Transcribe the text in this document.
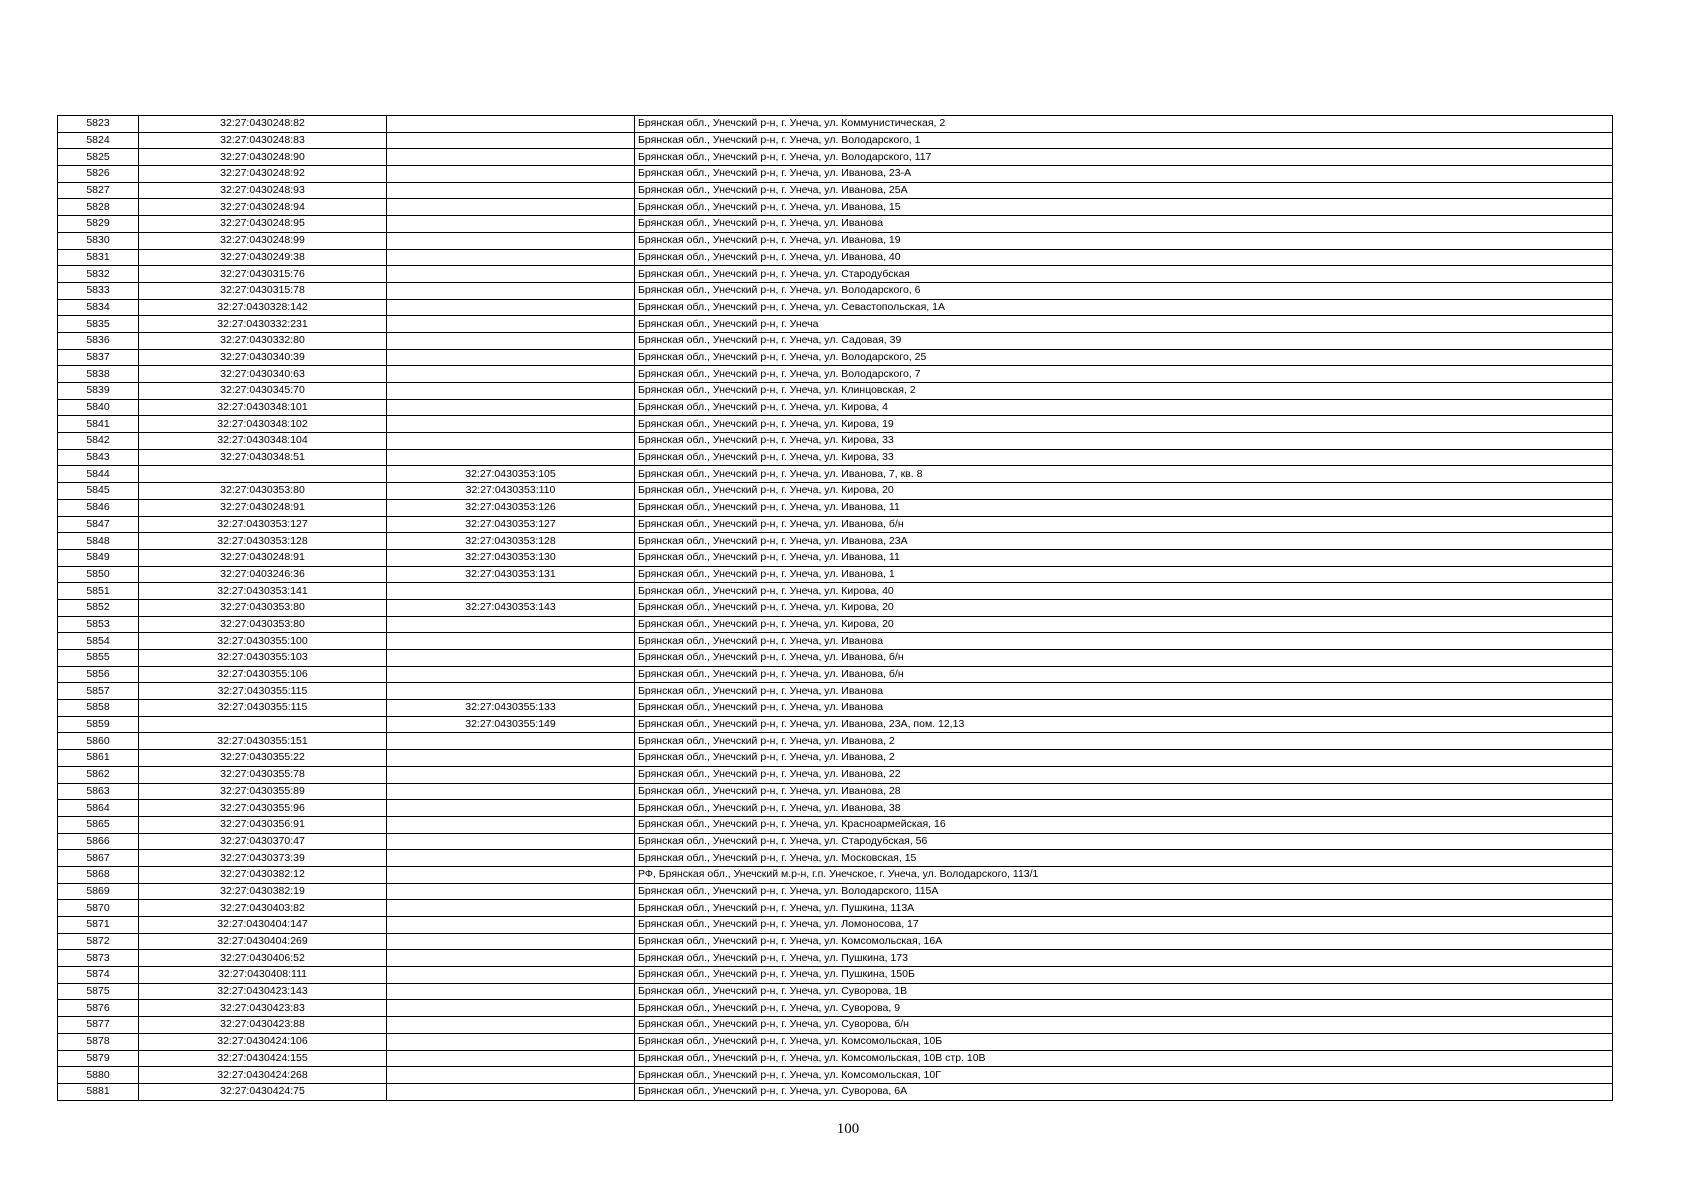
5823	32:27:0430248:82		Брянская обл., Унечский р-н, г. Унеча, ул. Коммунистическая, 2
5824	32:27:0430248:83		Брянская обл., Унечский р-н, г. Унеча, ул. Володарского, 1
5825	32:27:0430248:90		Брянская обл., Унечский р-н, г. Унеча, ул. Володарского, 117
5826	32:27:0430248:92		Брянская обл., Унечский р-н, г. Унеча, ул. Иванова, 23-А
5827	32:27:0430248:93		Брянская обл., Унечский р-н, г. Унеча, ул. Иванова, 25А
5828	32:27:0430248:94		Брянская обл., Унечский р-н, г. Унеча, ул. Иванова, 15
5829	32:27:0430248:95		Брянская обл., Унечский р-н, г. Унеча, ул. Иванова
5830	32:27:0430248:99		Брянская обл., Унечский р-н, г. Унеча, ул. Иванова, 19
5831	32:27:0430249:38		Брянская обл., Унечский р-н, г. Унеча, ул. Иванова, 40
5832	32:27:0430315:76		Брянская обл., Унечский р-н, г. Унеча, ул. Стародубская
5833	32:27:0430315:78		Брянская обл., Унечский р-н, г. Унеча, ул. Володарского, 6
5834	32:27:0430328:142		Брянская обл., Унечский р-н, г. Унеча, ул. Севастопольская, 1А
5835	32:27:0430332:231		Брянская обл., Унечский р-н, г. Унеча
5836	32:27:0430332:80		Брянская обл., Унечский р-н, г. Унеча, ул. Садовая, 39
5837	32:27:0430340:39		Брянская обл., Унечский р-н, г. Унеча, ул. Володарского, 25
5838	32:27:0430340:63		Брянская обл., Унечский р-н, г. Унеча, ул. Володарского, 7
5839	32:27:0430345:70		Брянская обл., Унечский р-н, г. Унеча, ул. Клинцовская, 2
5840	32:27:0430348:101		Брянская обл., Унечский р-н, г. Унеча, ул. Кирова, 4
5841	32:27:0430348:102		Брянская обл., Унечский р-н, г. Унеча, ул. Кирова, 19
5842	32:27:0430348:104		Брянская обл., Унечский р-н, г. Унеча, ул. Кирова, 33
5843	32:27:0430348:51		Брянская обл., Унечский р-н, г. Унеча, ул. Кирова, 33
5844		32:27:0430353:105	Брянская обл., Унечский р-н, г. Унеча, ул. Иванова, 7, кв. 8
5845	32:27:0430353:80	32:27:0430353:110	Брянская обл., Унечский р-н, г. Унеча, ул. Кирова, 20
5846	32:27:0430248:91	32:27:0430353:126	Брянская обл., Унечский р-н, г. Унеча, ул. Иванова, 11
5847	32:27:0430353:127	32:27:0430353:127	Брянская обл., Унечский р-н, г. Унеча, ул. Иванова, б/н
5848	32:27:0430353:128	32:27:0430353:128	Брянская обл., Унечский р-н, г. Унеча, ул. Иванова, 23А
5849	32:27:0430248:91	32:27:0430353:130	Брянская обл., Унечский р-н, г. Унеча, ул. Иванова, 11
5850	32:27:0403246:36	32:27:0430353:131	Брянская обл., Унечский р-н, г. Унеча, ул. Иванова, 1
5851	32:27:0430353:141		Брянская обл., Унечский р-н, г. Унеча, ул. Кирова, 40
5852	32:27:0430353:80	32:27:0430353:143	Брянская обл., Унечский р-н, г. Унеча, ул. Кирова, 20
5853	32:27:0430353:80		Брянская обл., Унечский р-н, г. Унеча, ул. Кирова, 20
5854	32:27:0430355:100		Брянская обл., Унечский р-н, г. Унеча, ул. Иванова
5855	32:27:0430355:103		Брянская обл., Унечский р-н, г. Унеча, ул. Иванова, б/н
5856	32:27:0430355:106		Брянская обл., Унечский р-н, г. Унеча, ул. Иванова, б/н
5857	32:27:0430355:115		Брянская обл., Унечский р-н, г. Унеча, ул. Иванова
5858	32:27:0430355:115	32:27:0430355:133	Брянская обл., Унечский р-н, г. Унеча, ул. Иванова
5859		32:27:0430355:149	Брянская обл., Унечский р-н, г. Унеча, ул. Иванова, 23А, пом. 12,13
5860	32:27:0430355:151		Брянская обл., Унечский р-н, г. Унеча, ул. Иванова, 2
5861	32:27:0430355:22		Брянская обл., Унечский р-н, г. Унеча, ул. Иванова, 2
5862	32:27:0430355:78		Брянская обл., Унечский р-н, г. Унеча, ул. Иванова, 22
5863	32:27:0430355:89		Брянская обл., Унечский р-н, г. Унеча, ул. Иванова, 28
5864	32:27:0430355:96		Брянская обл., Унечский р-н, г. Унеча, ул. Иванова, 38
5865	32:27:0430356:91		Брянская обл., Унечский р-н, г. Унеча, ул. Красноармейская, 16
5866	32:27:0430370:47		Брянская обл., Унечский р-н, г. Унеча, ул. Стародубская, 56
5867	32:27:0430373:39		Брянская обл., Унечский р-н, г. Унеча, ул. Московская, 15
5868	32:27:0430382:12		РФ, Брянская обл., Унечский м.р-н, г.п. Унечское, г. Унеча, ул. Володарского, 113/1
5869	32:27:0430382:19		Брянская обл., Унечский р-н, г. Унеча, ул. Володарского, 115А
5870	32:27:0430403:82		Брянская обл., Унечский р-н, г. Унеча, ул. Пушкина, 113А
5871	32:27:0430404:147		Брянская обл., Унечский р-н, г. Унеча, ул. Ломоносова, 17
5872	32:27:0430404:269		Брянская обл., Унечский р-н, г. Унеча, ул. Комсомольская, 16А
5873	32:27:0430406:52		Брянская обл., Унечский р-н, г. Унеча, ул. Пушкина, 173
5874	32:27:0430408:111		Брянская обл., Унечский р-н, г. Унеча, ул. Пушкина, 150Б
5875	32:27:0430423:143		Брянская обл., Унечский р-н, г. Унеча, ул. Суворова, 1В
5876	32:27:0430423:83		Брянская обл., Унечский р-н, г. Унеча, ул. Суворова, 9
5877	32:27:0430423:88		Брянская обл., Унечский р-н, г. Унеча, ул. Суворова, б/н
5878	32:27:0430424:106		Брянская обл., Унечский р-н, г. Унеча, ул. Комсомольская, 10Б
5879	32:27:0430424:155		Брянская обл., Унечский р-н, г. Унеча, ул. Комсомольская, 10В стр. 10В
5880	32:27:0430424:268		Брянская обл., Унечский р-н, г. Унеча, ул. Комсомольская, 10Г
5881	32:27:0430424:75		Брянская обл., Унечский р-н, г. Унеча, ул. Суворова, 6А
100
